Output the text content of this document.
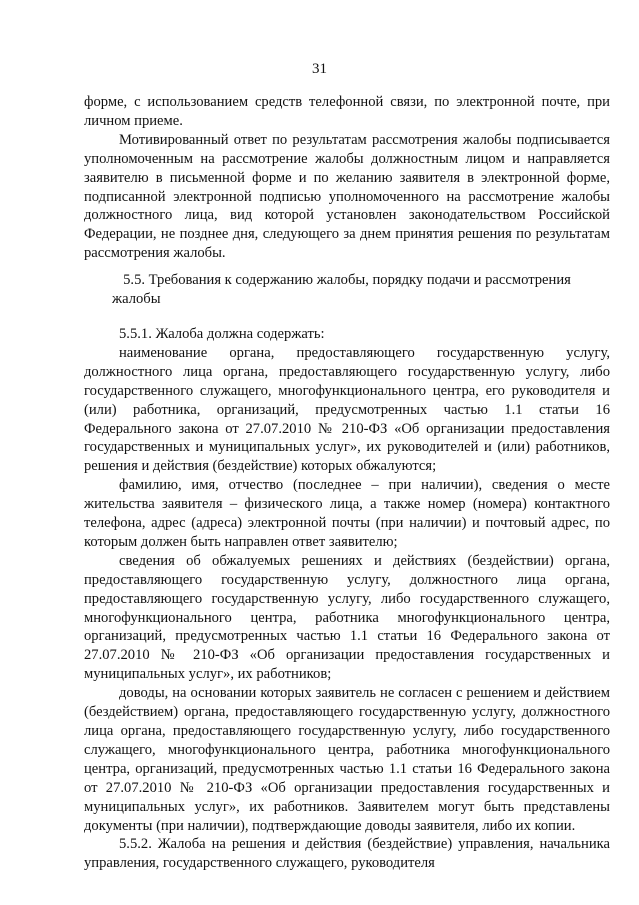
31

форме, с использованием средств телефонной связи, по электронной почте, при личном приеме.

Мотивированный ответ по результатам рассмотрения жалобы подписывается уполномоченным на рассмотрение жалобы должностным лицом и направляется заявителю в письменной форме и по желанию заявителя в электронной форме, подписанной электронной подписью уполномоченного на рассмотрение жалобы должностного лица, вид которой установлен законодательством Российской Федерации, не позднее дня, следующего за днем принятия решения по результатам рассмотрения жалобы.

5.5. Требования к содержанию жалобы, порядку подачи и рассмотрения жалобы

5.5.1. Жалоба должна содержать:

наименование органа, предоставляющего государственную услугу, должностного лица органа, предоставляющего государственную услугу, либо государственного служащего, многофункционального центра, его руководителя и (или) работника, организаций, предусмотренных частью 1.1 статьи 16 Федерального закона от 27.07.2010 № 210-ФЗ «Об организации предоставления государственных и муниципальных услуг», их руководителей и (или) работников, решения и действия (бездействие) которых обжалуются;

фамилию, имя, отчество (последнее – при наличии), сведения о месте жительства заявителя – физического лица, а также номер (номера) контактного телефона, адрес (адреса) электронной почты (при наличии) и почтовый адрес, по которым должен быть направлен ответ заявителю;

сведения об обжалуемых решениях и действиях (бездействии) органа, предоставляющего государственную услугу, должностного лица органа, предоставляющего государственную услугу, либо государственного служащего, многофункционального центра, работника многофункционального центра, организаций, предусмотренных частью 1.1 статьи 16 Федерального закона от 27.07.2010 № 210-ФЗ «Об организации предоставления государственных и муниципальных услуг», их работников;

доводы, на основании которых заявитель не согласен с решением и действием (бездействием) органа, предоставляющего государственную услугу, должностного лица органа, предоставляющего государственную услугу, либо государственного служащего, многофункционального центра, работника многофункционального центра, организаций, предусмотренных частью 1.1 статьи 16 Федерального закона от 27.07.2010 № 210-ФЗ «Об организации предоставления государственных и муниципальных услуг», их работников. Заявителем могут быть представлены документы (при наличии), подтверждающие доводы заявителя, либо их копии.

5.5.2. Жалоба на решения и действия (бездействие) управления, начальника управления, государственного служащего, руководителя
